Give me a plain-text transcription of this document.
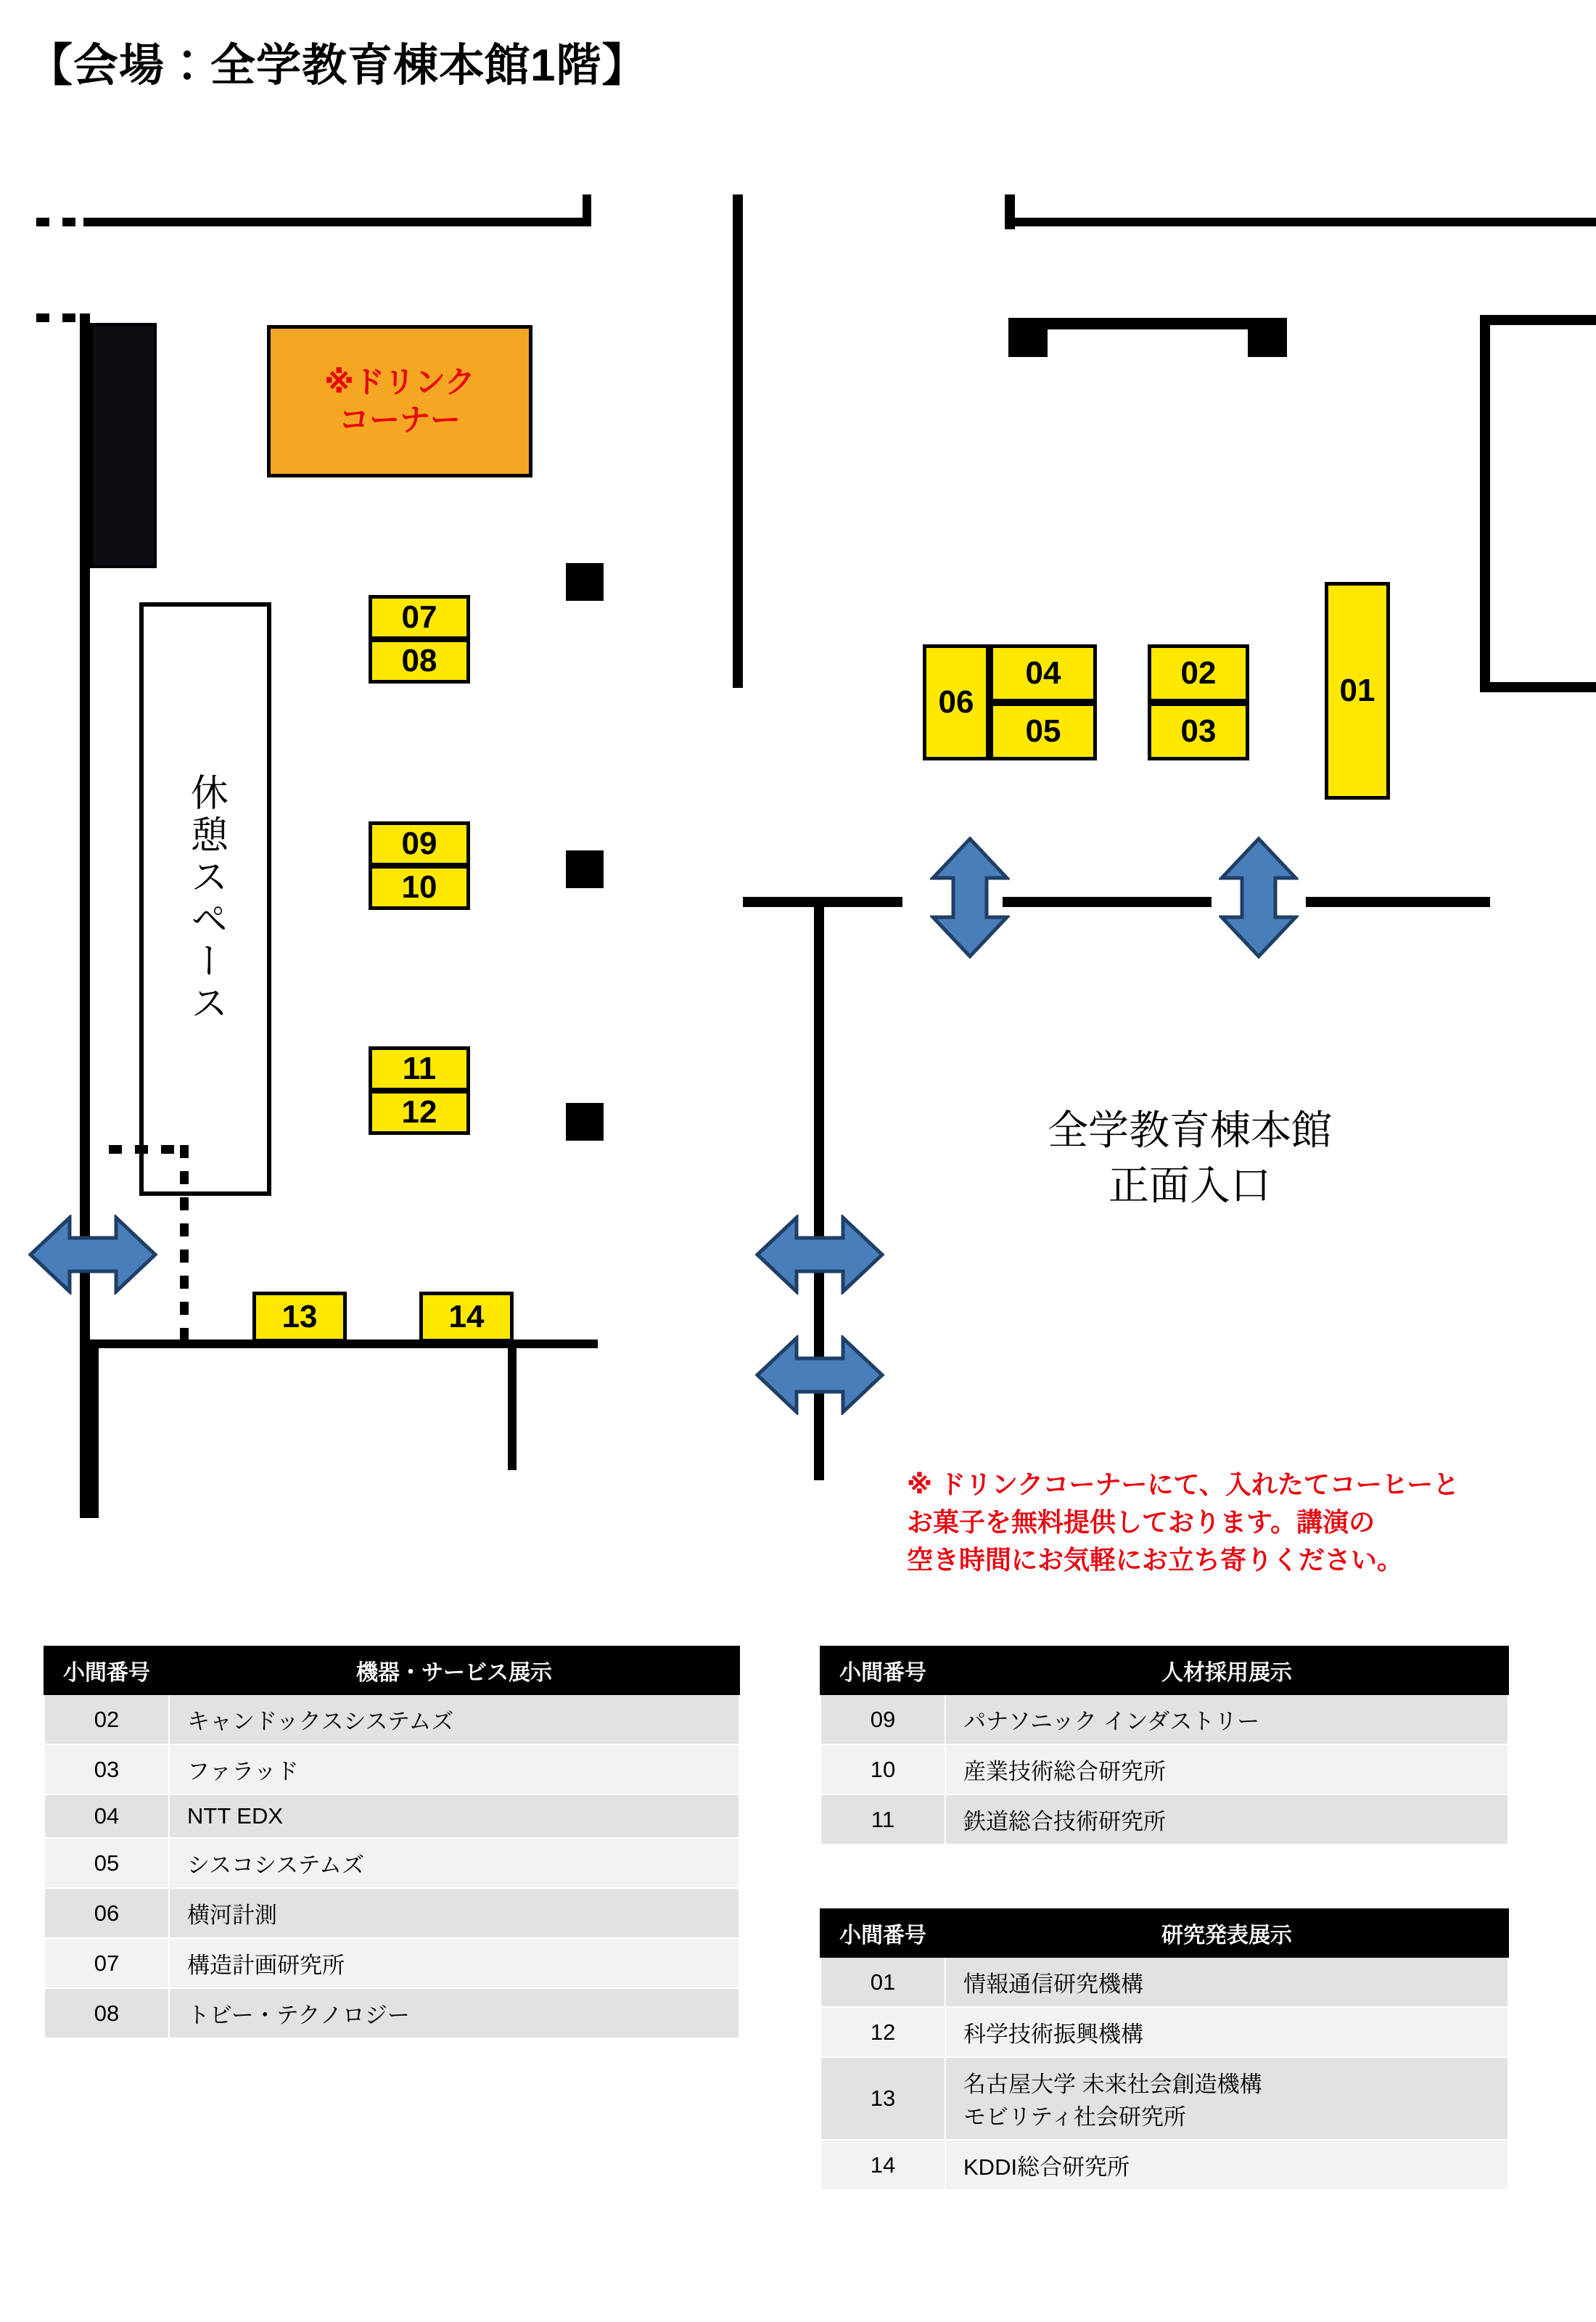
【会場：全学教育棟本館1階】
※ドリンク
コーナー
休憩スペース
07
08
09
10
11
12
13	14
06
04
05
02
03
01
全学教育棟本館
正面入口
※ ドリンクコーナーにて、入れたてコーヒーと
お菓子を無料提供しております。講演の
空き時間にお気軽にお立ち寄りください。
小間番号	機器・サービス展示
02	キャンドックスシステムズ
03	ファラッド
04	NTT EDX
05	シスコシステムズ
06	横河計測
07	構造計画研究所
08	トビー・テクノロジー
小間番号	人材採用展示
09	パナソニック インダストリー
10	産業技術総合研究所
11	鉄道総合技術研究所
小間番号	研究発表展示
01	情報通信研究機構
12	科学技術振興機構
13	名古屋大学 未来社会創造機構
モビリティ社会研究所

14	KDDI総合研究所
